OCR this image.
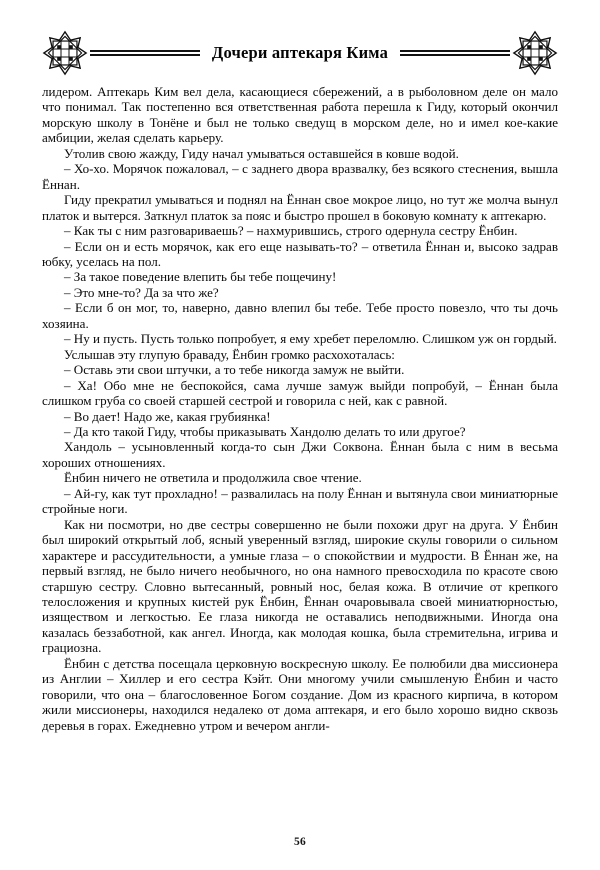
Дочери аптекаря Кима

лидером. Аптекарь Ким вел дела, касающиеся сбережений, а в рыболовном деле он мало что понимал. Так постепенно вся ответственная работа перешла к Гиду, который окончил морскую школу в Тонёне и был не только сведущ в морском деле, но и имел кое-какие амбиции, желая сделать карьеру.

Утолив свою жажду, Гиду начал умываться оставшейся в ковше водой.

– Хо-хо. Морячок пожаловал, – с заднего двора вразвалку, без всякого стеснения, вышла Ённан.

Гиду прекратил умываться и поднял на Ённан свое мокрое лицо, но тут же молча вынул платок и вытерся. Заткнул платок за пояс и быстро прошел в боковую комнату к аптекарю.

– Как ты с ним разговариваешь? – нахмурившись, строго одернула сестру Ёнбин.

– Если он и есть морячок, как его еще называть-то? – ответила Ённан и, высоко задрав юбку, уселась на пол.

– За такое поведение влепить бы тебе пощечину!

– Это мне-то? Да за что же?

– Если б он мог, то, наверно, давно влепил бы тебе. Тебе просто повезло, что ты дочь хозяина.

– Ну и пусть. Пусть только попробует, я ему хребет переломлю. Слишком уж он гордый.

Услышав эту глупую браваду, Ёнбин громко расхохоталась:

– Оставь эти свои штучки, а то тебе никогда замуж не выйти.

– Ха! Обо мне не беспокойся, сама лучше замуж выйди попробуй, – Ённан была слишком груба со своей старшей сестрой и говорила с ней, как с равной.

– Во дает! Надо же, какая грубиянка!

– Да кто такой Гиду, чтобы приказывать Хандолю делать то или другое?

Хандоль – усыновленный когда-то сын Джи Соквона. Ённан была с ним в весьма хороших отношениях.

Ёнбин ничего не ответила и продолжила свое чтение.

– Ай-гу, как тут прохладно! – развалилась на полу Ённан и вытянула свои миниатюрные стройные ноги.

Как ни посмотри, но две сестры совершенно не были похожи друг на друга. У Ёнбин был широкий открытый лоб, ясный уверенный взгляд, широкие скулы говорили о сильном характере и рассудительности, а умные глаза – о спокойствии и мудрости. В Ённан же, на первый взгляд, не было ничего необычного, но она намного превосходила по красоте свою старшую сестру. Словно вытесанный, ровный нос, белая кожа. В отличие от крепкого телосложения и крупных кистей рук Ёнбин, Ённан очаровывала своей миниатюрностью, изяществом и легкостью. Ее глаза никогда не оставались неподвижными. Иногда она казалась беззаботной, как ангел. Иногда, как молодая кошка, была стремительна, игрива и грациозна.

Ёнбин с детства посещала церковную воскресную школу. Ее полюбили два миссионера из Англии – Хиллер и его сестра Кэйт. Они многому учили смышленую Ёнбин и часто говорили, что она – благословенное Богом создание. Дом из красного кирпича, в котором жили миссионеры, находился недалеко от дома аптекаря, и его было хорошо видно сквозь деревья в горах. Ежедневно утром и вечером англи-

56
